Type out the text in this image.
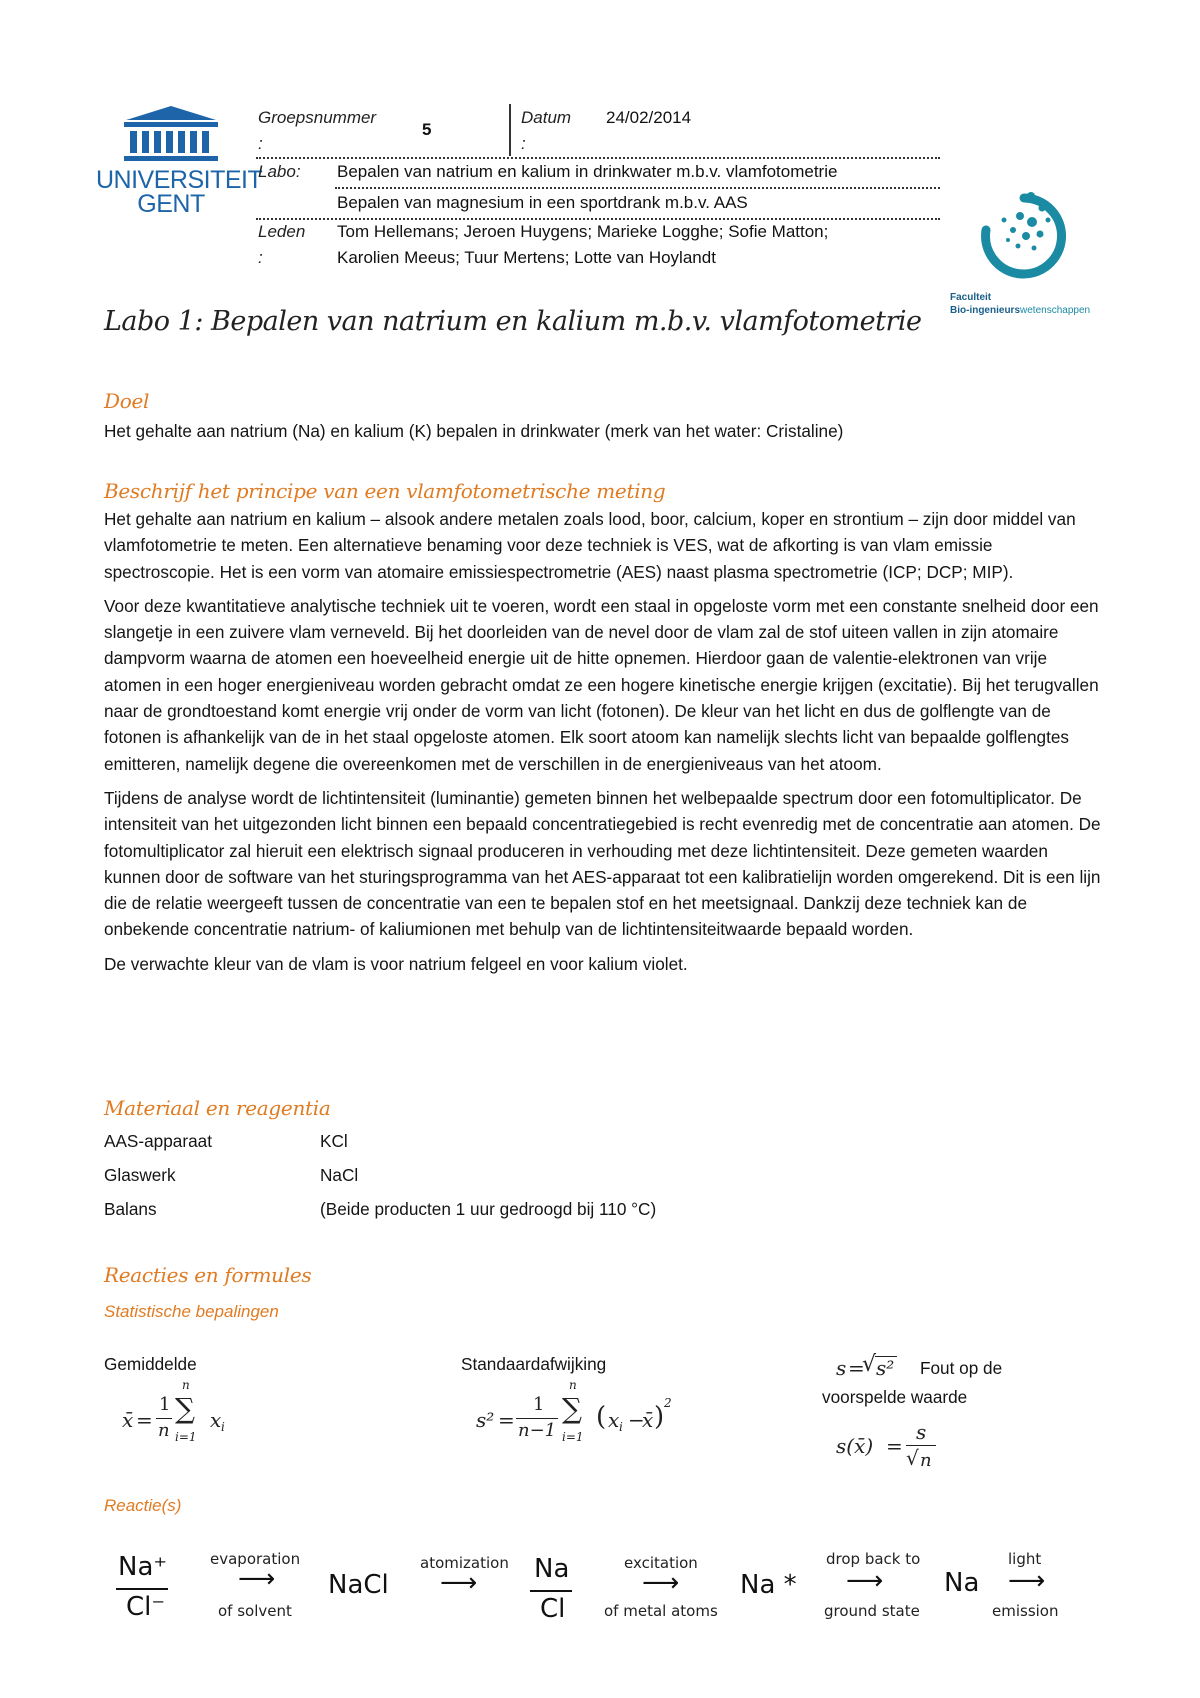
UNIVERSITEIT
GENT
Faculteit
Bio-ingenieurswetenschappen
Groepsnummer
:
5
Datum
:
24/02/2014
Labo: Bepalen van natrium en kalium in drinkwater m.b.v. vlamfotometrie
Bepalen van magnesium in een sportdrank m.b.v. AAS
Leden
:
Tom Hellemans; Jeroen Huygens; Marieke Logghe; Sofie Matton;
Karolien Meeus; Tuur Mertens; Lotte van Hoylandt
Labo 1: Bepalen van natrium en kalium m.b.v. vlamfotometrie
Doel
Het gehalte aan natrium (Na) en kalium (K) bepalen in drinkwater (merk van het water: Cristaline)
Beschrijf het principe van een vlamfotometrische meting

Het gehalte aan natrium en kalium – alsook andere metalen zoals lood, boor, calcium, koper en strontium – zijn door middel van vlamfotometrie te meten. Een alternatieve benaming voor deze techniek is VES, wat de afkorting is van vlam emissie spectroscopie. Het is een vorm van atomaire emissiespectrometrie (AES) naast plasma spectrometrie (ICP; DCP; MIP).

Voor deze kwantitatieve analytische techniek uit te voeren, wordt een staal in opgeloste vorm met een constante snelheid door een slangetje in een zuivere vlam verneveld. Bij het doorleiden van de nevel door de vlam zal de stof uiteen vallen in zijn atomaire dampvorm waarna de atomen een hoeveelheid energie uit de hitte opnemen. Hierdoor gaan de valentie-elektronen van vrije atomen in een hoger energieniveau worden gebracht omdat ze een hogere kinetische energie krijgen (excitatie). Bij het terugvallen naar de grondtoestand komt energie vrij onder de vorm van licht (fotonen). De kleur van het licht en dus de golflengte van de fotonen is afhankelijk van de in het staal opgeloste atomen. Elk soort atoom kan namelijk slechts licht van bepaalde golflengtes emitteren, namelijk degene die overeenkomen met de verschillen in de energieniveaus van het atoom.

Tijdens de analyse wordt de lichtintensiteit (luminantie) gemeten binnen het welbepaalde spectrum door een fotomultiplicator. De intensiteit van het uitgezonden licht binnen een bepaald concentratiegebied is recht evenredig met de concentratie aan atomen. De fotomultiplicator zal hieruit een elektrisch signaal produceren in verhouding met deze lichtintensiteit. Deze gemeten waarden kunnen door de software van het sturingsprogramma van het AES-apparaat tot een kalibratielijn worden omgerekend. Dit is een lijn die de relatie weergeeft tussen de concentratie van een te bepalen stof en het meetsignaal. Dankzij deze techniek kan de onbekende concentratie natrium- of kaliumionen met behulp van de lichtintensiteitwaarde bepaald worden.

De verwachte kleur van de vlam is voor natrium felgeel en voor kalium violet.

Materiaal en reagentia
AAS-apparaat	KCl
Glaswerk	NaCl
Balans	(Beide producten 1 uur gedroogd bij 110 °C)
Reacties en formules
Statistische bepalingen
Gemiddelde	Standaardafwijking
x̄ =
1
n
n
∑
i=1
x i	s² =
1
n−1
n
∑
i=1
( x i −
x̄ ) 2
s =
√ s² Fout op de
voorspelde waarde
s(x̄) =
s
√ n
Reactie(s)
Na⁺
Cl⁻
evaporation
⟶
of solvent
NaCl
atomization
⟶ Na
Cl
excitation
⟶
of metal atoms
Na *
drop back to
⟶
ground state
Na
light
⟶
emission
